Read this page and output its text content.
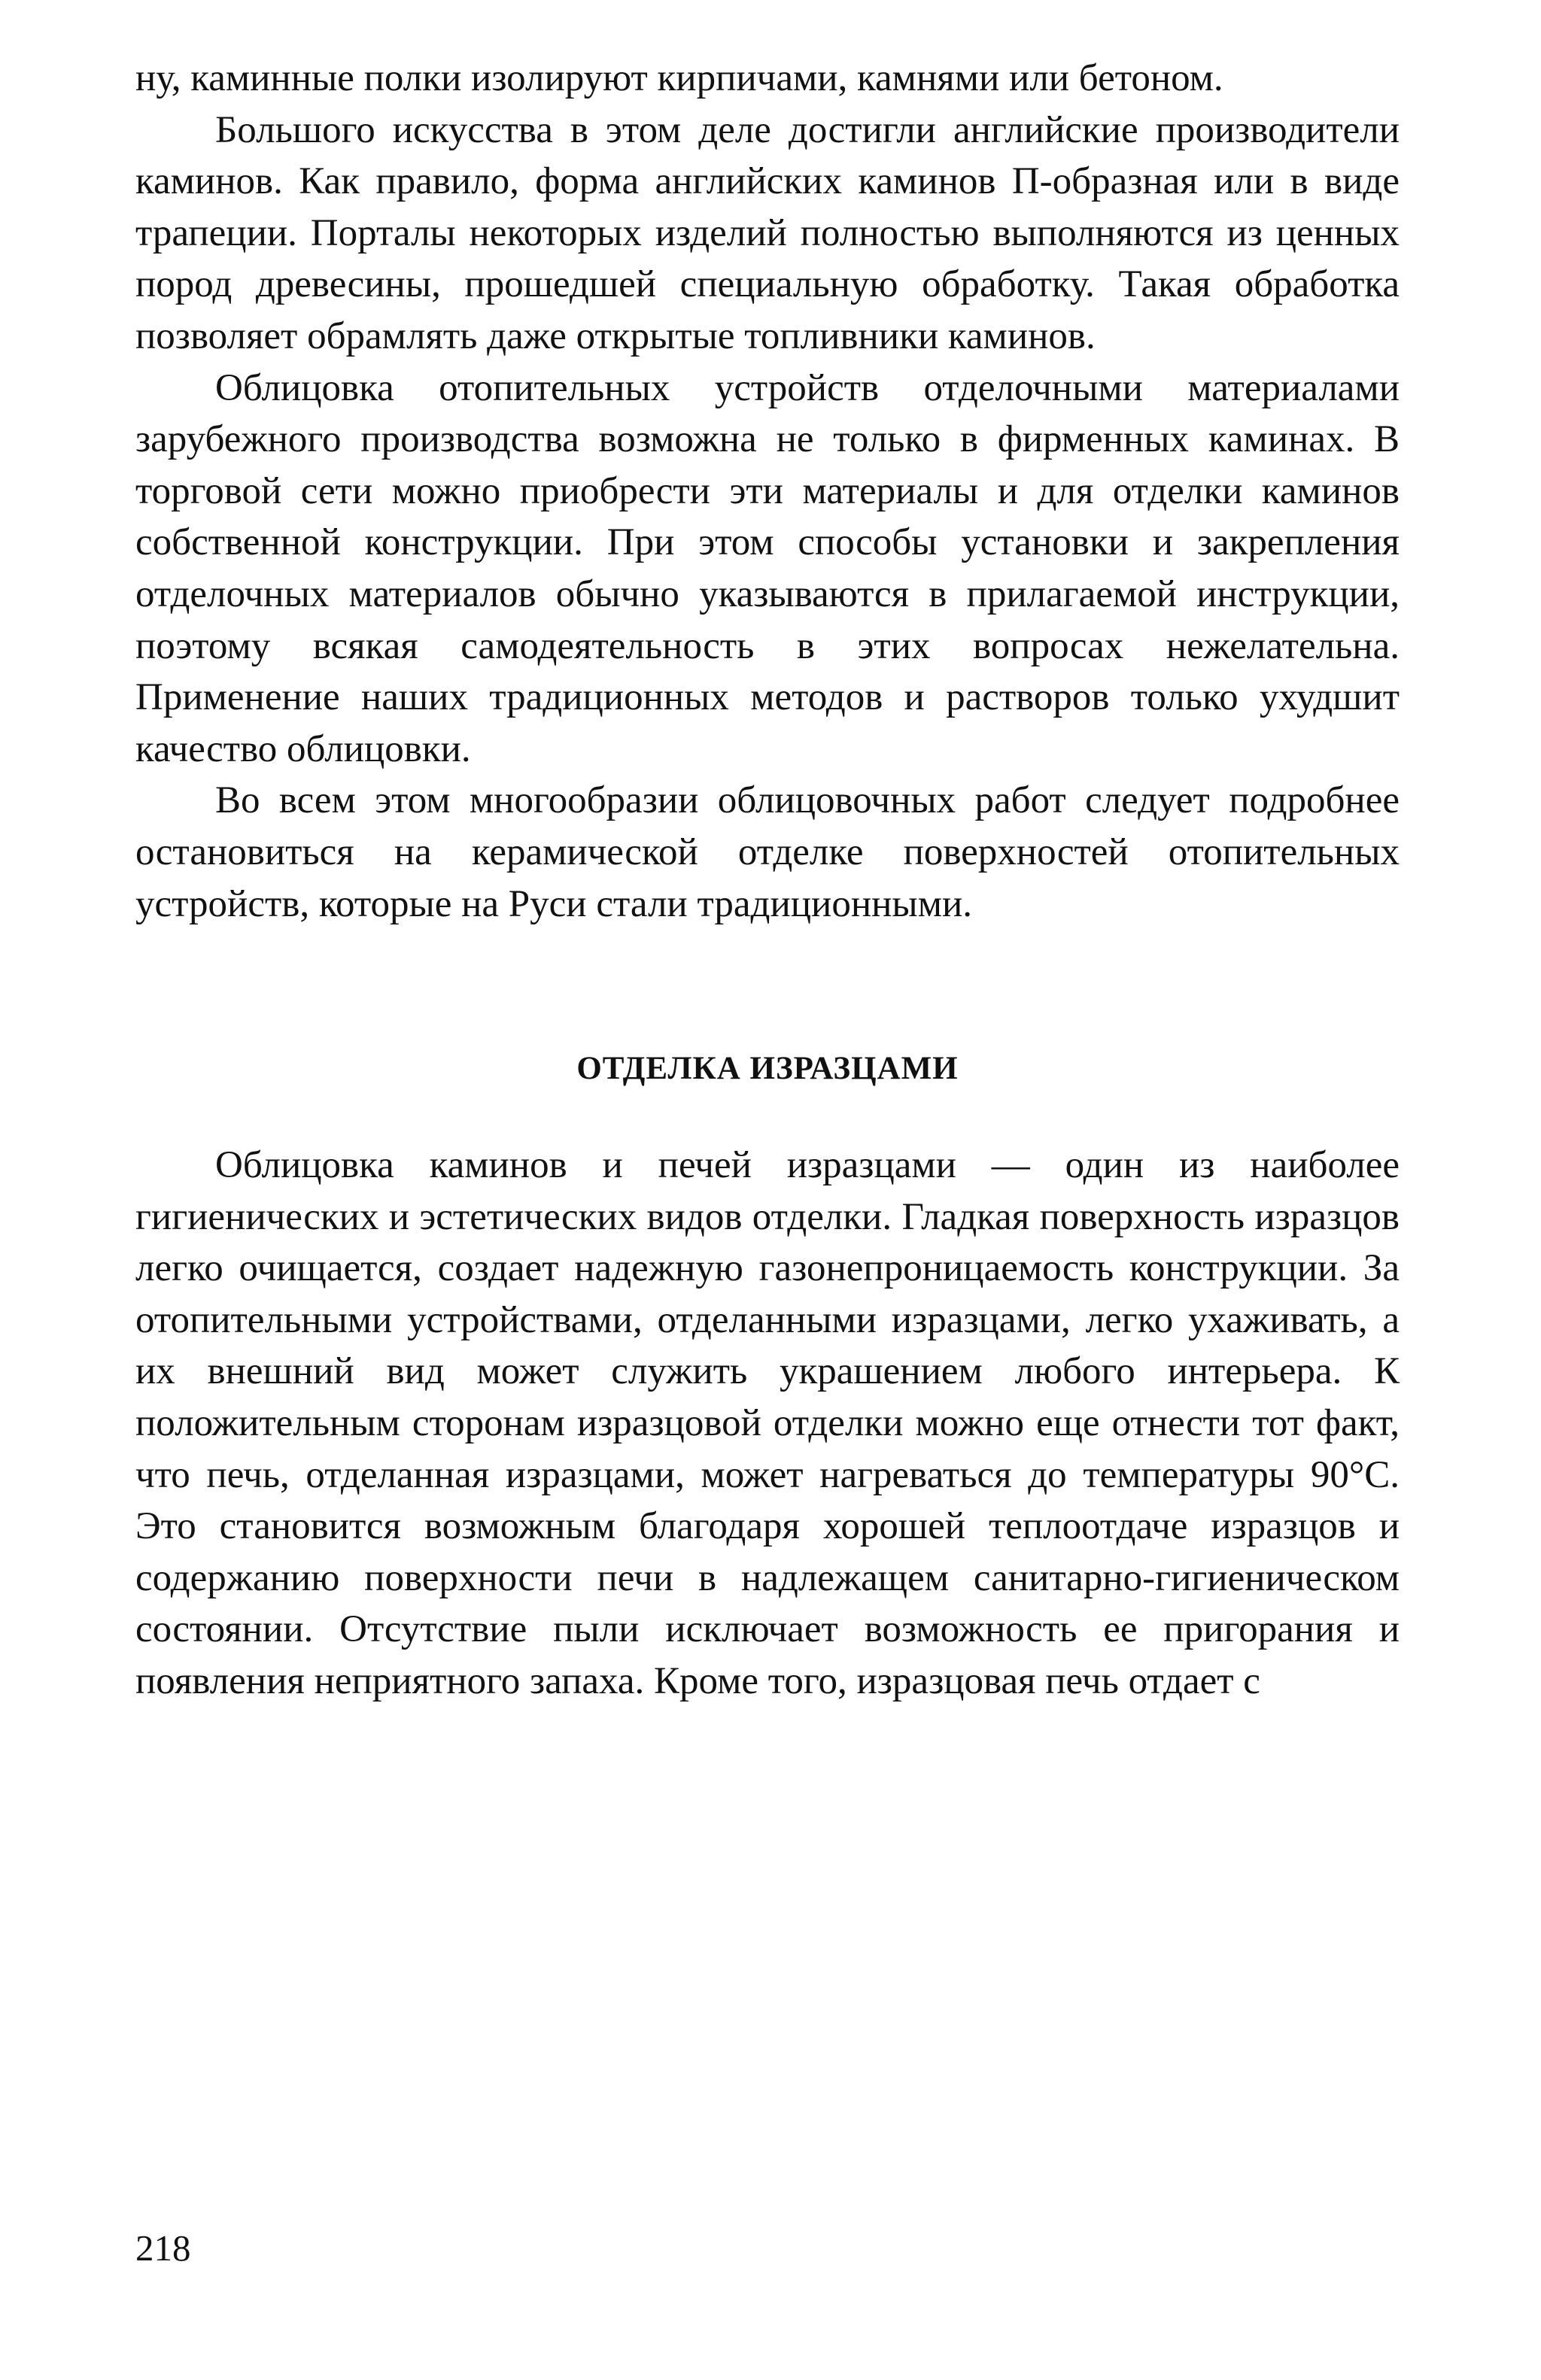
ну, каминные полки изолируют кирпичами, камнями или бетоном.

Большого искусства в этом деле достигли английские производители каминов. Как правило, форма английских каминов П-образная или в виде трапеции. Порталы некоторых изделий полностью выполняются из ценных пород древесины, прошедшей специальную обработку. Такая обработка позволяет обрамлять даже открытые топливники каминов.

Облицовка отопительных устройств отделочными материалами зарубежного производства возможна не только в фирменных каминах. В торговой сети можно приобрести эти материалы и для отделки каминов собственной конструкции. При этом способы установки и закрепления отделочных материалов обычно указываются в прилагаемой инструкции, поэтому всякая самодеятельность в этих вопросах нежелательна. Применение наших традиционных методов и растворов только ухудшит качество облицовки.

Во всем этом многообразии облицовочных работ следует подробнее остановиться на керамической отделке поверхностей отопительных устройств, которые на Руси стали традиционными.

ОТДЕЛКА ИЗРАЗЦАМИ

Облицовка каминов и печей изразцами — один из наиболее гигиенических и эстетических видов отделки. Гладкая поверхность изразцов легко очищается, создает надежную газонепроницаемость конструкции. За отопительными устройствами, отделанными изразцами, легко ухаживать, а их внешний вид может служить украшением любого интерьера. К положительным сторонам изразцовой отделки можно еще отнести тот факт, что печь, отделанная изразцами, может нагреваться до температуры 90°С. Это становится возможным благодаря хорошей теплоотдаче изразцов и содержанию поверхности печи в надлежащем санитарно-гигиеническом состоянии. Отсутствие пыли исключает возможность ее пригорания и появления неприятного запаха. Кроме того, изразцовая печь отдает с

218
